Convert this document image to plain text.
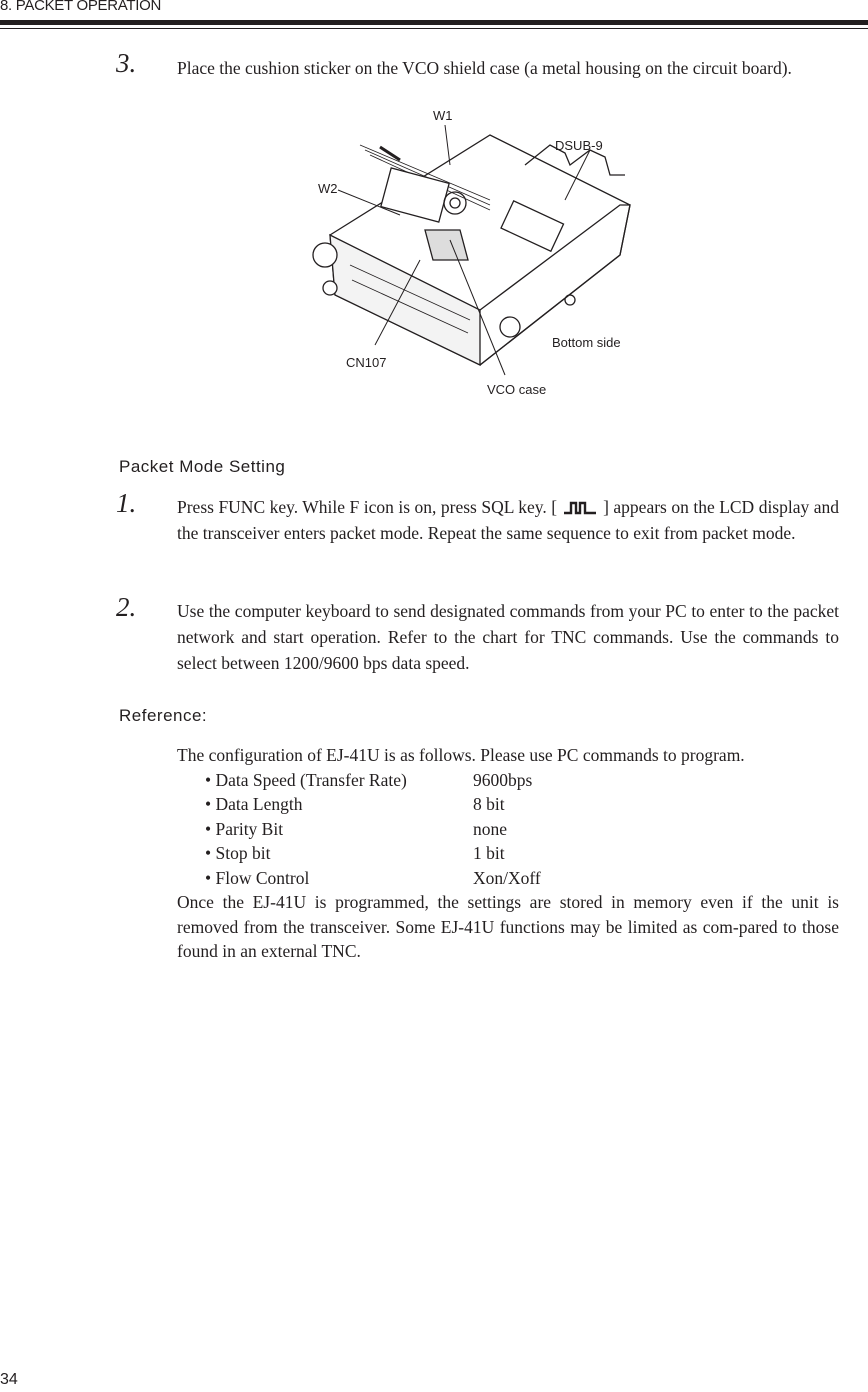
8. PACKET OPERATION
3. Place the cushion sticker on the VCO shield case (a metal housing on the circuit board).
W1
W2
DSUB-9
Bottom side
CN107
VCO case
Packet Mode Setting
1. Press FUNC key. While F icon is on, press SQL key. [	] appears on the LCD display and the transceiver enters packet mode. Repeat the same sequence to exit from packet mode.
2. Use the computer keyboard to send designated commands from your PC to enter to the packet network and start operation. Refer to the chart for TNC commands. Use the commands to select between 1200/9600 bps data speed.
Reference:
The configuration of EJ-41U is as follows. Please use PC commands to program.
• Data Speed (Transfer Rate)	9600bps
• Data Length	8 bit
• Parity Bit	none
• Stop bit	1 bit
• Flow Control	Xon/Xoff
Once the EJ-41U is programmed, the settings are stored in memory even if the unit is removed from the transceiver. Some EJ-41U functions may be limited as com-pared to those found in an external TNC.
34
